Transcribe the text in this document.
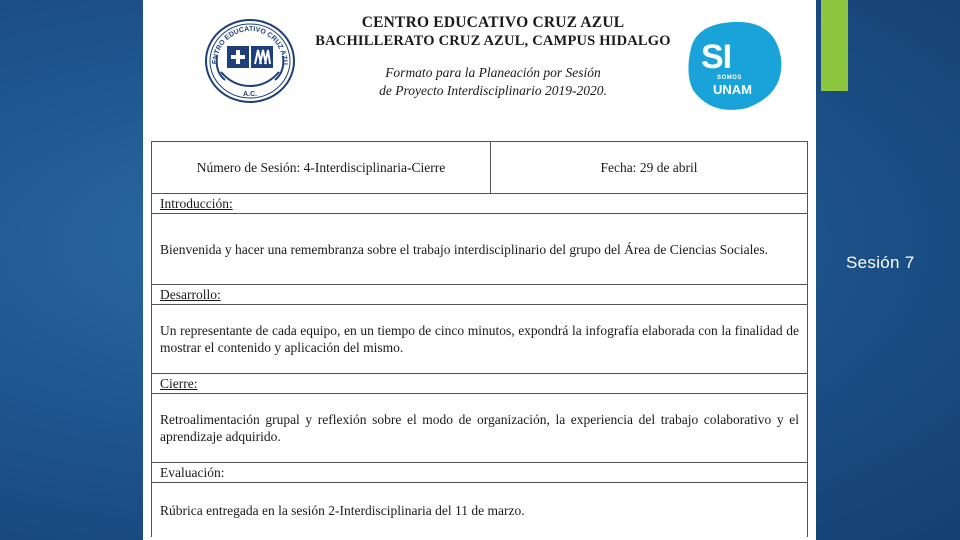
Sesión 7
ENTRO EDUCATIVO CRUZ AZU
A.C.
CENTRO EDUCATIVO CRUZ AZUL
BACHILLERATO CRUZ AZUL, CAMPUS HIDALGO
Formato para la Planeación por Sesión
de Proyecto Interdisciplinario 2019-2020.
SI
SOMOS
UNAM
Número de Sesión: 4-Interdisciplinaria-Cierre	Fecha: 29 de abril
Introducción:
Bienvenida y hacer una remembranza sobre el trabajo interdisciplinario del grupo del Área de Ciencias Sociales.
Desarrollo:
Un representante de cada equipo, en un tiempo de cinco minutos, expondrá la infografía elaborada con la finalidad de mostrar el contenido y aplicación del mismo.
Cierre:
Retroalimentación grupal y reflexión sobre el modo de organización, la experiencia del trabajo colaborativo y el aprendizaje adquirido.
Evaluación:
Rúbrica entregada en la sesión 2-Interdisciplinaria del 11 de marzo.
